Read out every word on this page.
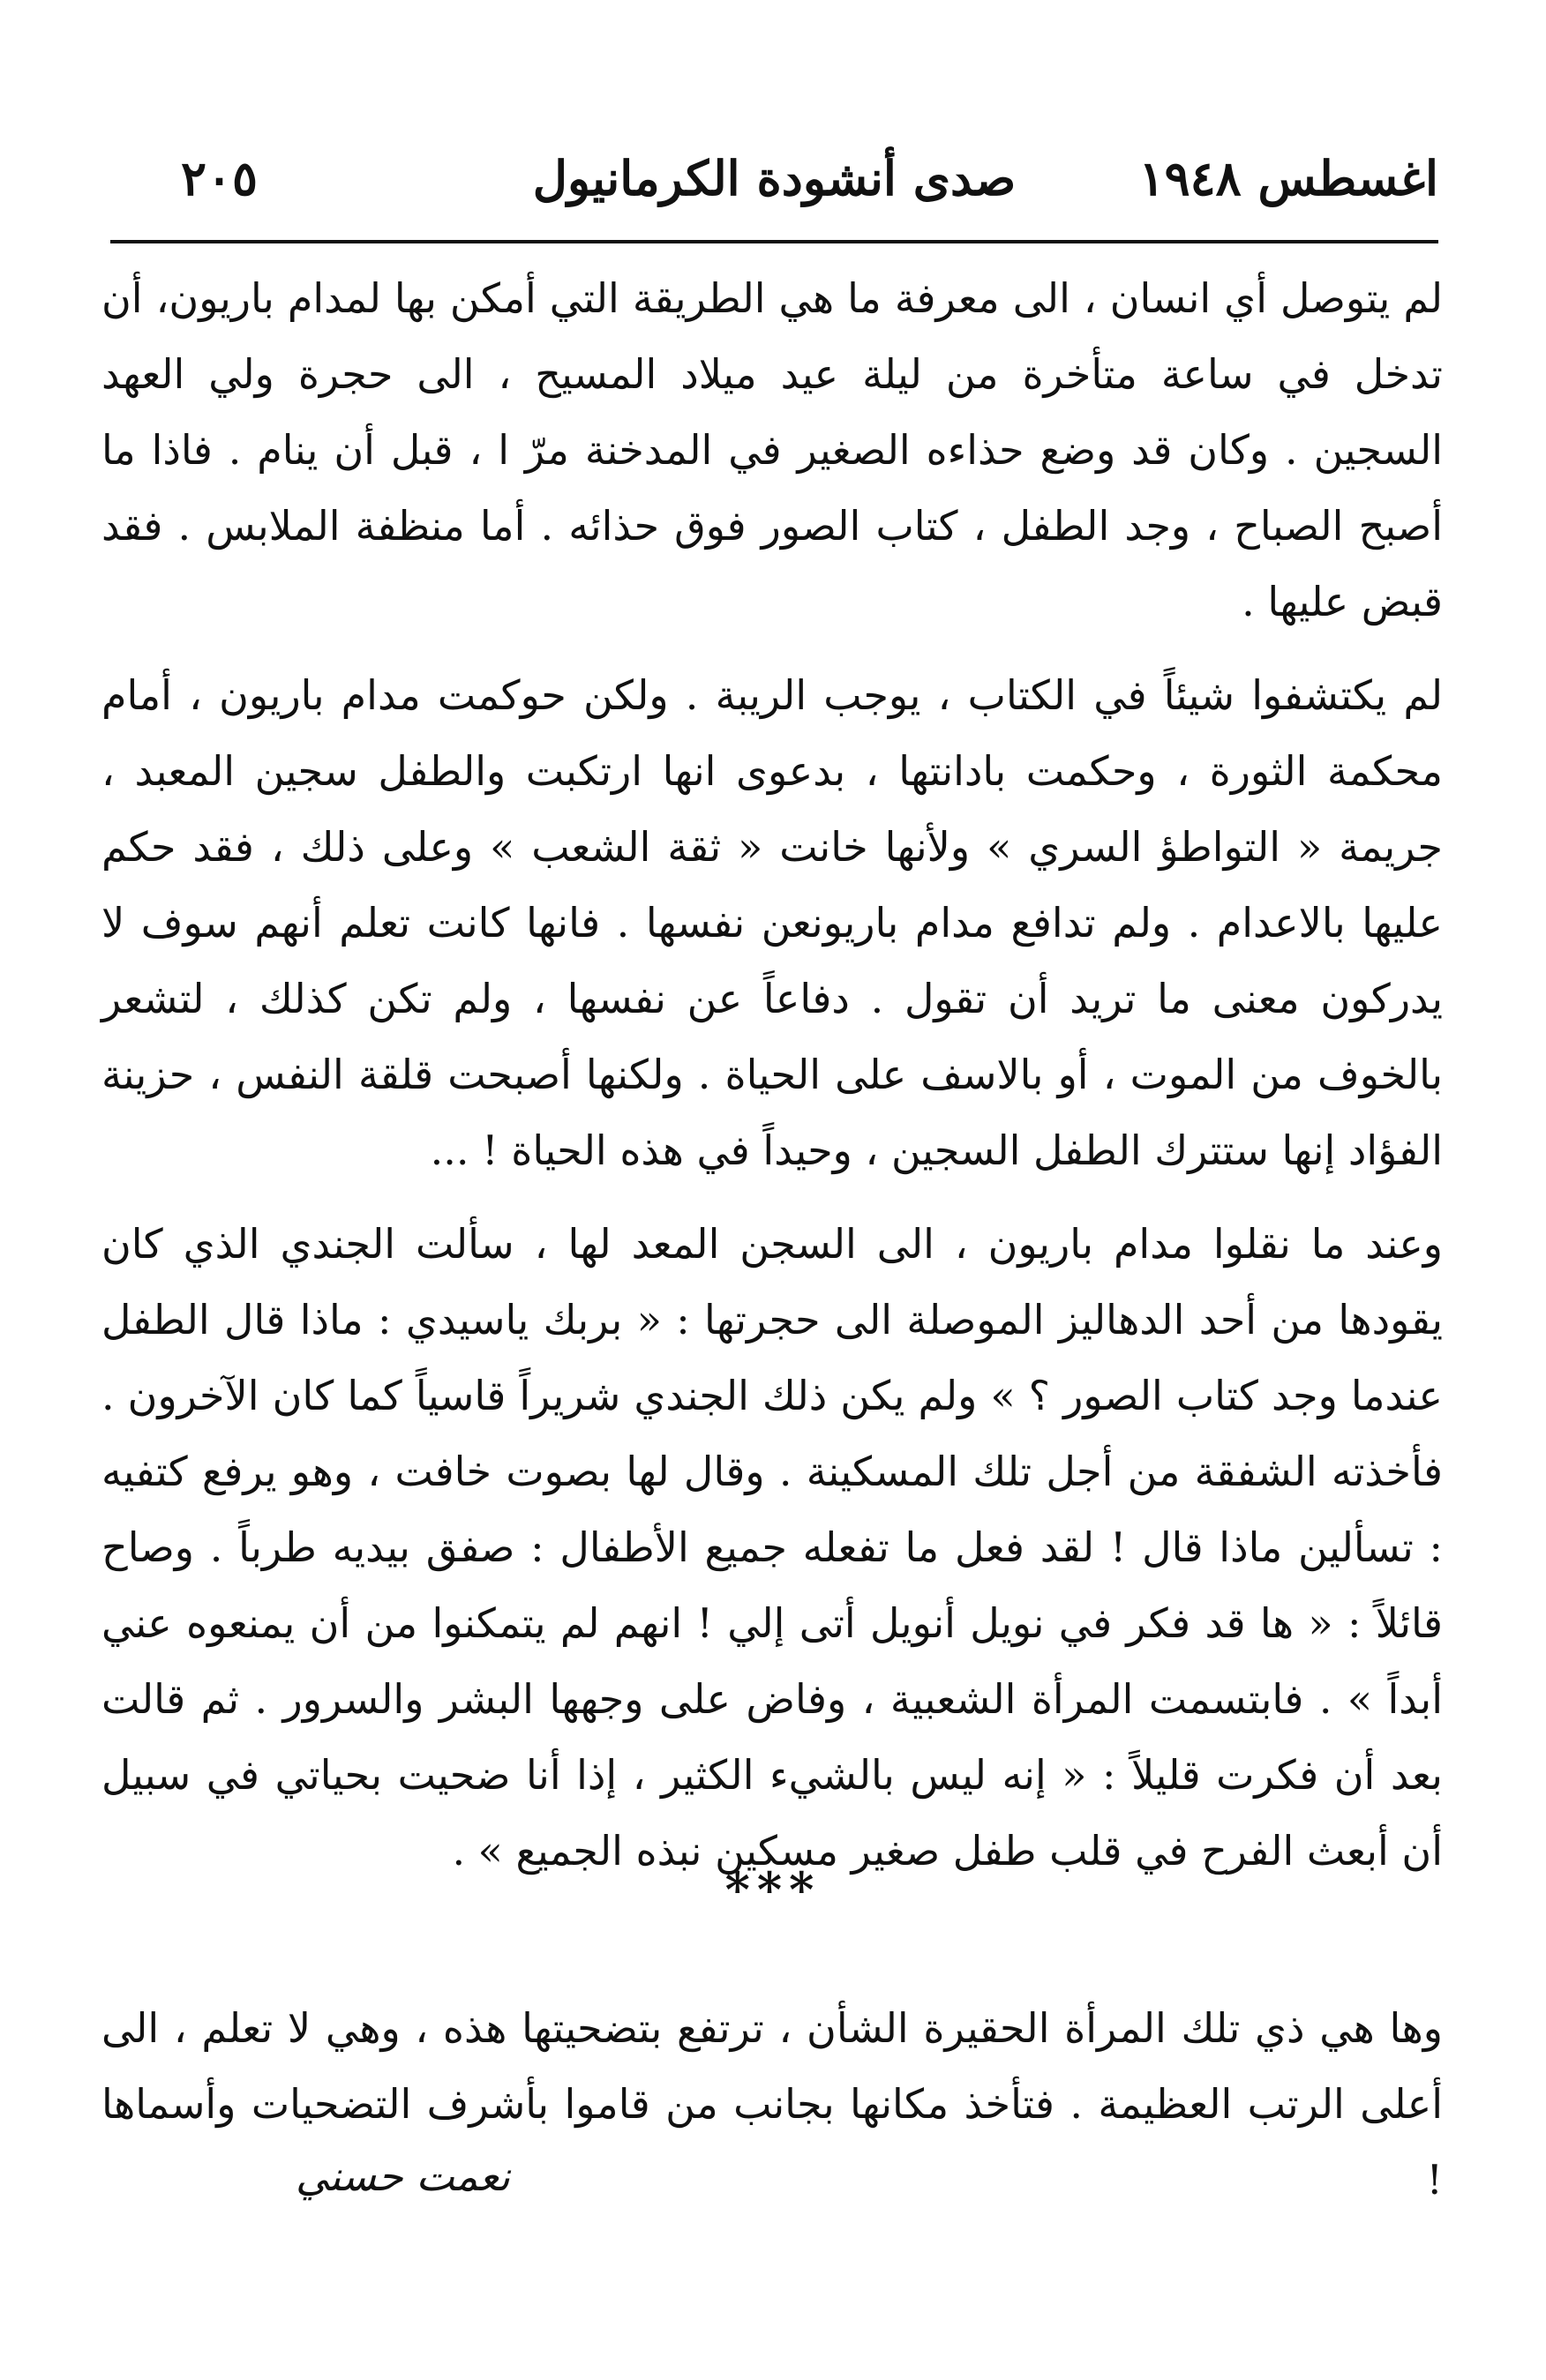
٢٠٥	صدى أنشودة الكرمانيول	اغسطس ١٩٤٨

لم يتوصل أي انسان ، الى معرفة ما هي الطريقة التي أمكن بها لمدام باريون، أن تدخل في ساعة متأخرة من ليلة عيد ميلاد المسيح ، الى حجرة ولي العهد السجين . وكان قد وضع حذاءه الصغير في المدخنة مرّ ا ، قبل أن ينام . فاذا ما أصبح الصباح ، وجد الطفل ، كتاب الصور فوق حذائه . أما منظفة الملابس . فقد قبض عليها .

لم يكتشفوا شيئاً في الكتاب ، يوجب الريبة . ولكن حوكمت مدام باريون ، أمام محكمة الثورة ، وحكمت بادانتها ، بدعوى انها ارتكبت والطفل سجين المعبد ، جريمة « التواطؤ السري » ولأنها خانت « ثقة الشعب » وعلى ذلك ، فقد حكم عليها بالاعدام . ولم تدافع مدام باريونعن نفسها . فانها كانت تعلم أنهم سوف لا يدركون معنى ما تريد أن تقول . دفاعاً عن نفسها ، ولم تكن كذلك ، لتشعر بالخوف من الموت ، أو بالاسف على الحياة . ولكنها أصبحت قلقة النفس ، حزينة الفؤاد إنها ستترك الطفل السجين ، وحيداً في هذه الحياة ! ...

وعند ما نقلوا مدام باريون ، الى السجن المعد لها ، سألت الجندي الذي كان يقودها من أحد الدهاليز الموصلة الى حجرتها : « بربك ياسيدي : ماذا قال الطفل عندما وجد كتاب الصور ؟ » ولم يكن ذلك الجندي شريراً قاسياً كما كان الآخرون . فأخذته الشفقة من أجل تلك المسكينة . وقال لها بصوت خافت ، وهو يرفع كتفيه : تسألين ماذا قال ! لقد فعل ما تفعله جميع الأطفال : صفق بيديه طرباً . وصاح قائلاً : « ها قد فكر في نويل أنويل أتى إلي ! انهم لم يتمكنوا من أن يمنعوه عني أبداً » . فابتسمت المرأة الشعبية ، وفاض على وجهها البشر والسرور . ثم قالت بعد أن فكرت قليلاً : « إنه ليس بالشيء الكثير ، إذا أنا ضحيت بحياتي في سبيل أن أبعث الفرح في قلب طفل صغير مسكين نبذه الجميع » .

***

وها هي ذي تلك المرأة الحقيرة الشأن ، ترتفع بتضحيتها هذه ، وهي لا تعلم ، الى أعلى الرتب العظيمة . فتأخذ مكانها بجانب من قاموا بأشرف التضحيات وأسماها !

نعمت حسني
